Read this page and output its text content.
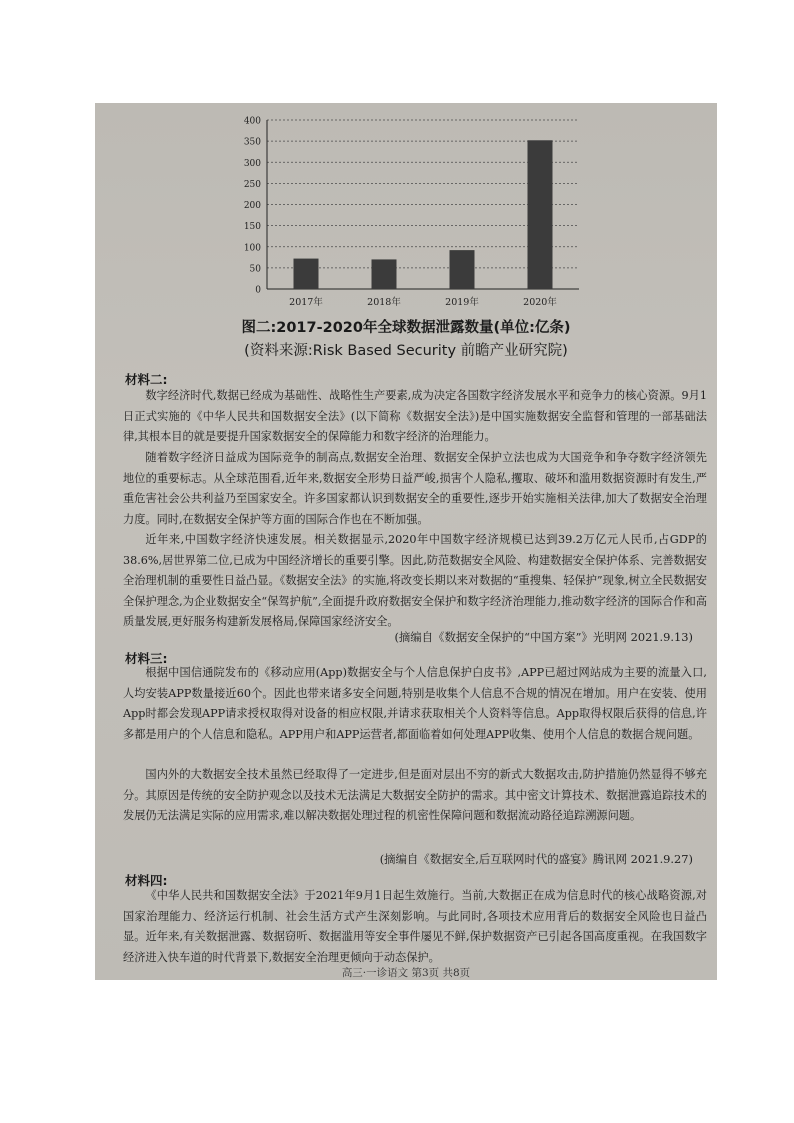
0
50
100
150
200
250
300
350
400
2017年	2018年	2019年	2020年
图二:2017-2020年全球数据泄露数量(单位:亿条)
(资料来源:Risk Based Security 前瞻产业研究院)
材料二:

数字经济时代,数据已经成为基础性、战略性生产要素,成为决定各国数字经济发展水平和竞争力的核心资源。9月1日正式实施的《中华人民共和国数据安全法》(以下简称《数据安全法》)是中国实施数据安全监督和管理的一部基础法律,其根本目的就是要提升国家数据安全的保障能力和数字经济的治理能力。

随着数字经济日益成为国际竞争的制高点,数据安全治理、数据安全保护立法也成为大国竞争和争夺数字经济领先地位的重要标志。从全球范围看,近年来,数据安全形势日益严峻,损害个人隐私,攫取、破坏和滥用数据资源时有发生,严重危害社会公共利益乃至国家安全。许多国家都认识到数据安全的重要性,逐步开始实施相关法律,加大了数据安全治理力度。同时,在数据安全保护等方面的国际合作也在不断加强。

近年来,中国数字经济快速发展。相关数据显示,2020年中国数字经济规模已达到39.2万亿元人民币,占GDP的38.6%,居世界第二位,已成为中国经济增长的重要引擎。因此,防范数据安全风险、构建数据安全保护体系、完善数据安全治理机制的重要性日益凸显。《数据安全法》的实施,将改变长期以来对数据的“重搜集、轻保护”现象,树立全民数据安全保护理念,为企业数据安全“保驾护航”,全面提升政府数据安全保护和数字经济治理能力,推动数字经济的国际合作和高质量发展,更好服务构建新发展格局,保障国家经济安全。

(摘编自《数据安全保护的“中国方案”》光明网 2021.9.13)
材料三:

根据中国信通院发布的《移动应用(App)数据安全与个人信息保护白皮书》,APP已超过网站成为主要的流量入口,人均安装APP数量接近60个。因此也带来诸多安全问题,特别是收集个人信息不合规的情况在增加。用户在安装、使用App时都会发现APP请求授权取得对设备的相应权限,并请求获取相关个人资料等信息。App取得权限后获得的信息,许多都是用户的个人信息和隐私。APP用户和APP运营者,都面临着如何处理APP收集、使用个人信息的数据合规问题。

国内外的大数据安全技术虽然已经取得了一定进步,但是面对层出不穷的新式大数据攻击,防护措施仍然显得不够充分。其原因是传统的安全防护观念以及技术无法满足大数据安全防护的需求。其中密文计算技术、数据泄露追踪技术的发展仍无法满足实际的应用需求,难以解决数据处理过程的机密性保障问题和数据流动路径追踪溯源问题。

(摘编自《数据安全,后互联网时代的盛宴》腾讯网 2021.9.27)
材料四:

《中华人民共和国数据安全法》于2021年9月1日起生效施行。当前,大数据正在成为信息时代的核心战略资源,对国家治理能力、经济运行机制、社会生活方式产生深刻影响。与此同时,各项技术应用背后的数据安全风险也日益凸显。近年来,有关数据泄露、数据窃听、数据滥用等安全事件屡见不鲜,保护数据资产已引起各国高度重视。在我国数字经济进入快车道的时代背景下,数据安全治理更倾向于动态保护。

高三·一诊语文 第3页 共8页
